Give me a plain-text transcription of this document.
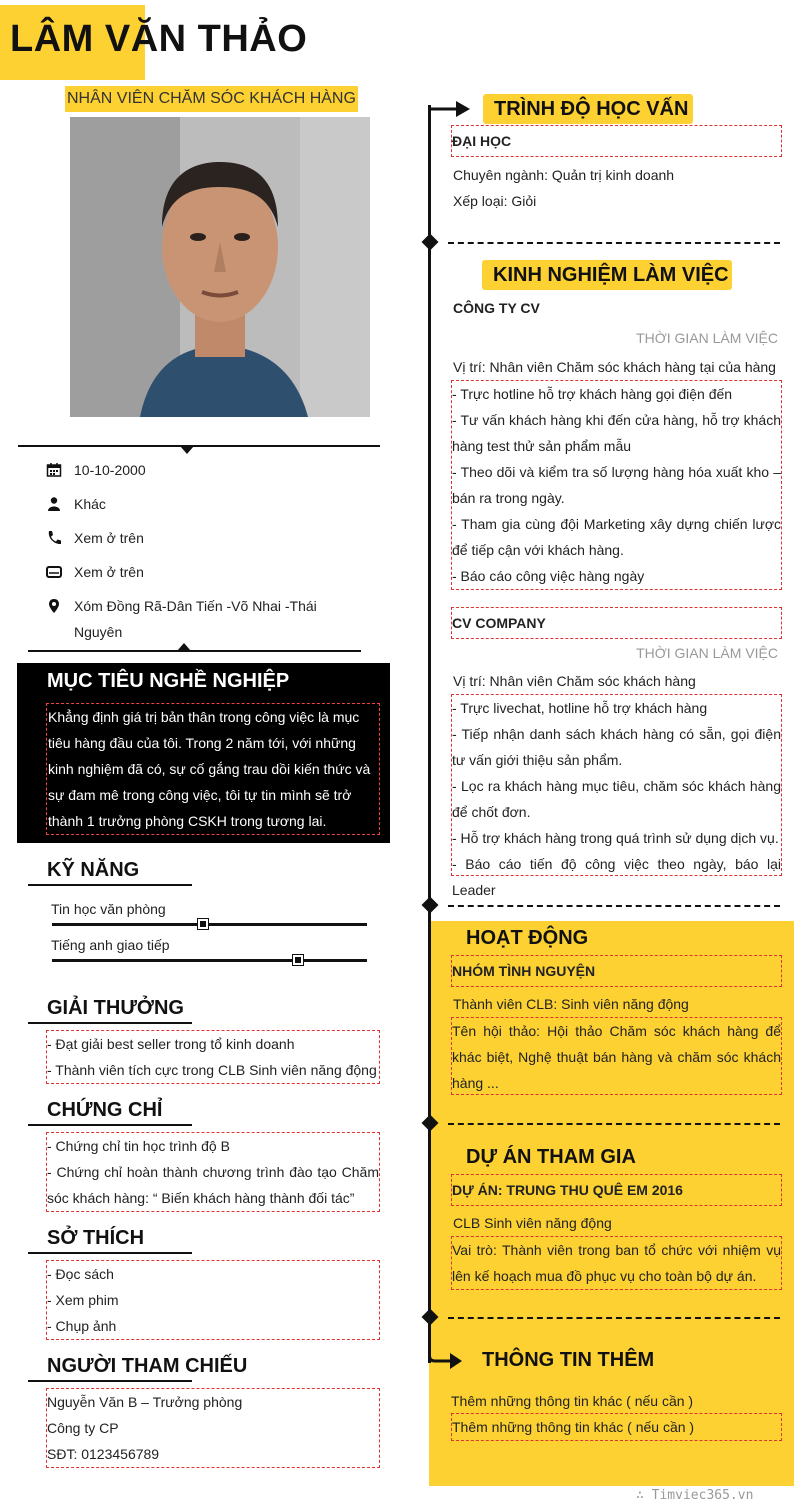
LÂM VĂN THẢO
NHÂN VIÊN CHĂM SÓC KHÁCH HÀNG
10-10-2000
Khác
Xem ở trên
Xem ở trên
Xóm Đồng Rã-Dân Tiến -Võ Nhai -Thái Nguyên
MỤC TIÊU NGHỀ NGHIỆP
Khẳng định giá trị bản thân trong công việc là mục tiêu hàng đầu của tôi. Trong 2 năm tới, với những kinh nghiệm đã có, sự cố gắng trau dồi kiến thức và sự đam mê trong công việc, tôi tự tin mình sẽ trở thành 1 trưởng phòng CSKH trong tương lai.
KỸ NĂNG
Tin học văn phòng
Tiếng anh giao tiếp
GIẢI THƯỞNG
- Đạt giải best seller trong tổ kinh doanh
- Thành viên tích cực trong CLB Sinh viên năng động
CHỨNG CHỈ
- Chứng chỉ tin học trình độ B
- Chứng chỉ hoàn thành chương trình đào tạo Chăm sóc khách hàng: “ Biến khách hàng thành đối tác”
SỞ THÍCH
- Đọc sách
- Xem phim
- Chụp ảnh
NGƯỜI THAM CHIẾU
Nguyễn Văn B – Trưởng phòng
Công ty CP
SĐT: 0123456789
TRÌNH ĐỘ HỌC VẤN
ĐẠI HỌC
Chuyên ngành: Quản trị kinh doanh
Xếp loại: Giỏi
KINH NGHIỆM LÀM VIỆC
CÔNG TY CV
THỜI GIAN LÀM VIỆC
Vị trí: Nhân viên Chăm sóc khách hàng tại của hàng
- Trực hotline hỗ trợ khách hàng gọi điện đến
- Tư vấn khách hàng khi đến cửa hàng, hỗ trợ khách hàng test thử sản phẩm mẫu
- Theo dõi và kiểm tra số lượng hàng hóa xuất kho – bán ra trong ngày.
- Tham gia cùng đội Marketing xây dựng chiến lược để tiếp cận với khách hàng.
- Báo cáo công việc hàng ngày
CV COMPANY
THỜI GIAN LÀM VIỆC
Vị trí: Nhân viên Chăm sóc khách hàng
- Trực livechat, hotline hỗ trợ khách hàng
- Tiếp nhận danh sách khách hàng có sẵn, gọi điện tư vấn giới thiệu sản phẩm.
- Lọc ra khách hàng mục tiêu, chăm sóc khách hàng để chốt đơn.
- Hỗ trợ khách hàng trong quá trình sử dụng dịch vụ.
- Báo cáo tiến độ công việc theo ngày, báo lại Leader
HOẠT ĐỘNG
NHÓM TÌNH NGUYỆN
Thành viên CLB: Sinh viên năng động
Tên hội thảo: Hội thảo Chăm sóc khách hàng để khác biệt, Nghệ thuật bán hàng và chăm sóc khách hàng ...
DỰ ÁN THAM GIA
DỰ ÁN: TRUNG THU QUÊ EM 2016
CLB Sinh viên năng động
Vai trò: Thành viên trong ban tổ chức với nhiệm vụ lên kế hoạch mua đồ phục vụ cho toàn bộ dự án.
THÔNG TIN THÊM
Thêm những thông tin khác ( nếu cần )
Thêm những thông tin khác ( nếu cần )
∴ Timviec365.vn
